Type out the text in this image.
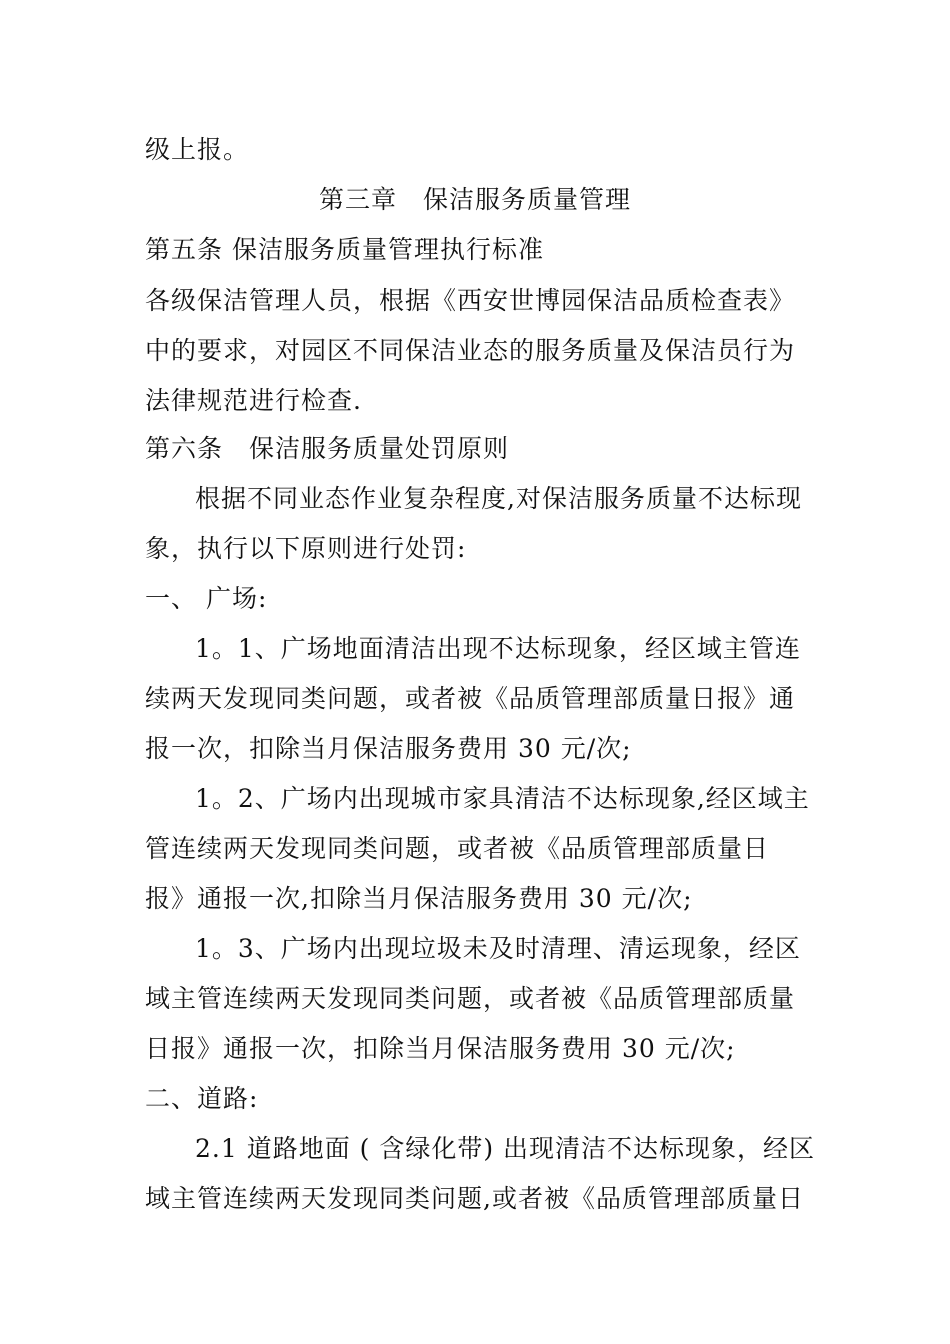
级上报。
第三章　保洁服务质量管理
第五条 保洁服务质量管理执行标准
各级保洁管理人员，根据《西安世博园保洁品质检查表》
中的要求，对园区不同保洁业态的服务质量及保洁员行为
法律规范进行检查.
第六条　保洁服务质量处罚原则
根据不同业态作业复杂程度,对保洁服务质量不达标现
象，执行以下原则进行处罚:
一、 广场:
1。1、广场地面清洁出现不达标现象，经区域主管连
续两天发现同类问题，或者被《品质管理部质量日报》通
报一次，扣除当月保洁服务费用 30 元/次;
1。2、广场内出现城市家具清洁不达标现象,经区域主
管连续两天发现同类问题，或者被《品质管理部质量日
报》通报一次,扣除当月保洁服务费用 30 元/次;
1。3、广场内出现垃圾未及时清理、清运现象，经区
域主管连续两天发现同类问题，或者被《品质管理部质量
日报》通报一次，扣除当月保洁服务费用 30 元/次;
二、道路:
2.1 道路地面 ( 含绿化带) 出现清洁不达标现象，经区
域主管连续两天发现同类问题,或者被《品质管理部质量日
